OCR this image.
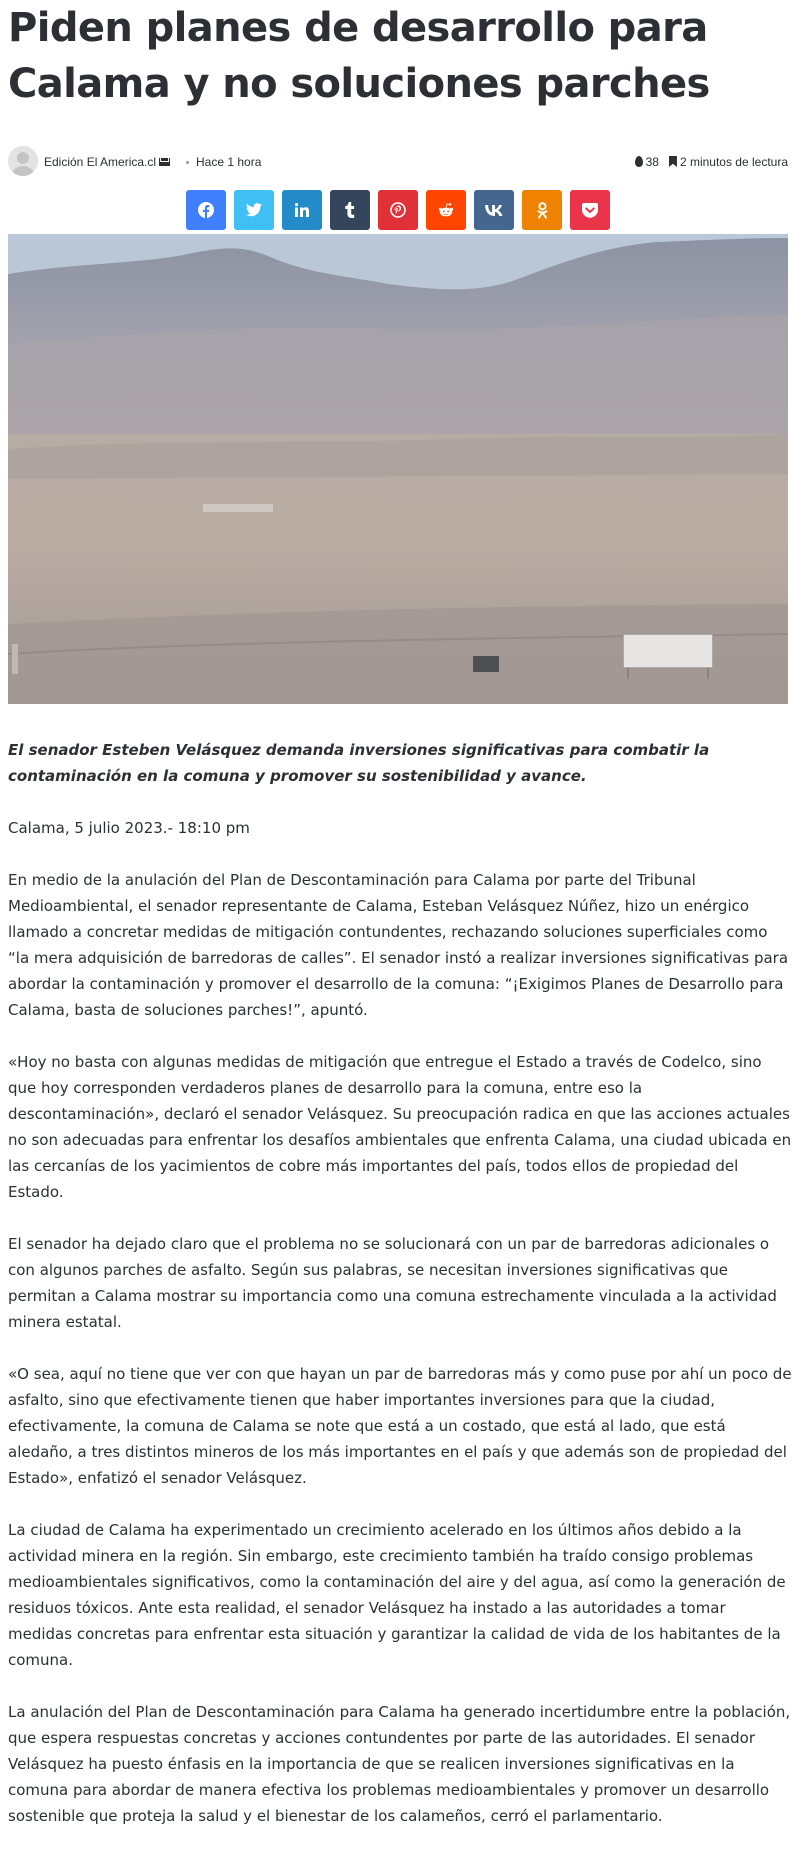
Piden planes de desarrollo para Calama y no soluciones parches
Edición El America.cl	Hace 1 hora	38 2 minutos de lectura

El senador Esteben Velásquez demanda inversiones significativas para combatir la contaminación en la comuna y promover su sostenibilidad y avance.

Calama, 5 julio 2023.- 18:10 pm

En medio de la anulación del Plan de Descontaminación para Calama por parte del Tribunal Medioambiental, el senador representante de Calama, Esteban Velásquez Núñez, hizo un enérgico llamado a concretar medidas de mitigación contundentes, rechazando soluciones superficiales como “la mera adquisición de barredoras de calles”. El senador instó a realizar inversiones significativas para abordar la contaminación y promover el desarrollo de la comuna: “¡Exigimos Planes de Desarrollo para Calama, basta de soluciones parches!”, apuntó.

«Hoy no basta con algunas medidas de mitigación que entregue el Estado a través de Codelco, sino que hoy corresponden verdaderos planes de desarrollo para la comuna, entre eso la descontaminación», declaró el senador Velásquez. Su preocupación radica en que las acciones actuales no son adecuadas para enfrentar los desafíos ambientales que enfrenta Calama, una ciudad ubicada en las cercanías de los yacimientos de cobre más importantes del país, todos ellos de propiedad del Estado.

El senador ha dejado claro que el problema no se solucionará con un par de barredoras adicionales o con algunos parches de asfalto. Según sus palabras, se necesitan inversiones significativas que permitan a Calama mostrar su importancia como una comuna estrechamente vinculada a la actividad minera estatal.

«O sea, aquí no tiene que ver con que hayan un par de barredoras más y como puse por ahí un poco de asfalto, sino que efectivamente tienen que haber importantes inversiones para que la ciudad, efectivamente, la comuna de Calama se note que está a un costado, que está al lado, que está aledaño, a tres distintos mineros de los más importantes en el país y que además son de propiedad del Estado», enfatizó el senador Velásquez.

La ciudad de Calama ha experimentado un crecimiento acelerado en los últimos años debido a la actividad minera en la región. Sin embargo, este crecimiento también ha traído consigo problemas medioambientales significativos, como la contaminación del aire y del agua, así como la generación de residuos tóxicos. Ante esta realidad, el senador Velásquez ha instado a las autoridades a tomar medidas concretas para enfrentar esta situación y garantizar la calidad de vida de los habitantes de la comuna.

La anulación del Plan de Descontaminación para Calama ha generado incertidumbre entre la población, que espera respuestas concretas y acciones contundentes por parte de las autoridades. El senador Velásquez ha puesto énfasis en la importancia de que se realicen inversiones significativas en la comuna para abordar de manera efectiva los problemas medioambientales y promover un desarrollo sostenible que proteja la salud y el bienestar de los calameños, cerró el parlamentario.
